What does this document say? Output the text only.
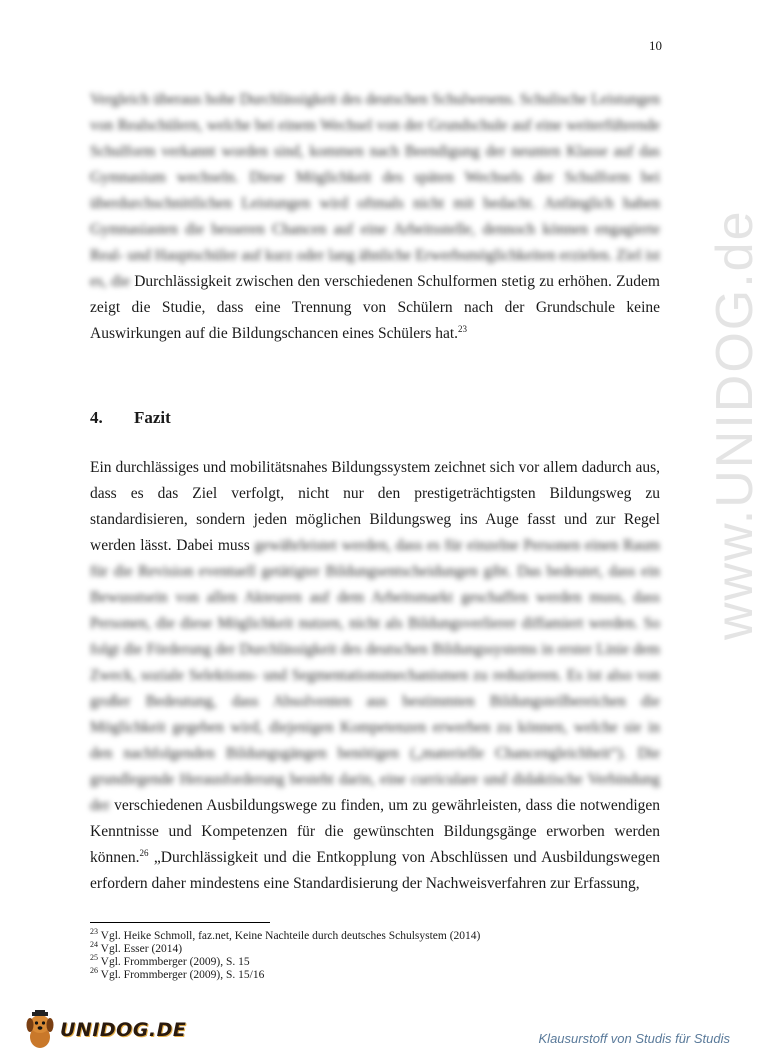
10
www.UNIDOG.de
Vergleich überaus hohe Durchlässigkeit des deutschen Schulwesens. Schulische Leistungen von Realschülern, welche bei einem Wechsel von der Grundschule auf eine weiterführende Schulform verkannt worden sind, kommen nach Beendigung der neunten Klasse auf das Gymnasium wechseln. Diese Möglichkeit des späten Wechsels der Schulform bei überdurchschnittlichen Leistungen wird oftmals nicht mit bedacht. Anfänglich haben Gymnasiasten die besseren Chancen auf eine Arbeitsstelle, dennoch können engagierte Real- und Hauptschüler auf kurz oder lang ähnliche Erwerbsmöglichkeiten erzielen. Ziel ist es, die Durchlässigkeit zwischen den verschiedenen Schulformen stetig zu erhöhen. Zudem zeigt die Studie, dass eine Trennung von Schülern nach der Grundschule keine Auswirkungen auf die Bildungschancen eines Schülers hat.$^{23}$
4. Fazit
Ein durchlässiges und mobilitätsnahes Bildungssystem zeichnet sich vor allem dadurch aus, dass es das Ziel verfolgt, nicht nur den prestigeträchtigsten Bildungsweg zu standardisieren, sondern jeden möglichen Bildungsweg ins Auge fasst und zur Regel werden lässt. Dabei muss gewährleistet werden, dass es für einzelne Personen einen Raum für die Revision eventuell getätigter Bildungsentscheidungen gibt. Das bedeutet, dass ein Bewusstsein von allen Akteuren auf dem Arbeitsmarkt geschaffen werden muss, dass Personen, die diese Möglichkeit nutzen, nicht als Bildungsverlierer diffamiert werden. So folgt die Förderung der Durchlässigkeit des deutschen Bildungssystems in erster Linie dem Zweck, soziale Selektions- und Segmentationsmechanismen zu reduzieren. Es ist also von großer Bedeutung, dass Absolventen aus bestimmten Bildungsteilbereichen die Möglichkeit gegeben wird, diejenigen Kompetenzen erwerben zu können, welche sie in den nachfolgenden Bildungsgängen benötigen („materielle Chancengleichheit“). Die grundlegende Herausforderung besteht darin, eine curriculare und didaktische Verbindung der verschiedenen Ausbildungswege zu finden, um zu gewährleisten, dass die notwendigen Kenntnisse und Kompetenzen für die gewünschten Bildungsgänge erworben werden können.$^{26}$ „Durchlässigkeit und die Entkopplung von Abschlüssen und Ausbildungswegen erfordern daher mindestens eine Standardisierung der Nachweisverfahren zur Erfassung,
$^{23}$ Vgl. Heike Schmoll, faz.net, Keine Nachteile durch deutsches Schulsystem (2014)
$^{24}$ Vgl. Esser (2014)
$^{25}$ Vgl. Frommberger (2009), S. 15
$^{26}$ Vgl. Frommberger (2009), S. 15/16
UNIDOG.DE	Klausurstoff von Studis für Studis
